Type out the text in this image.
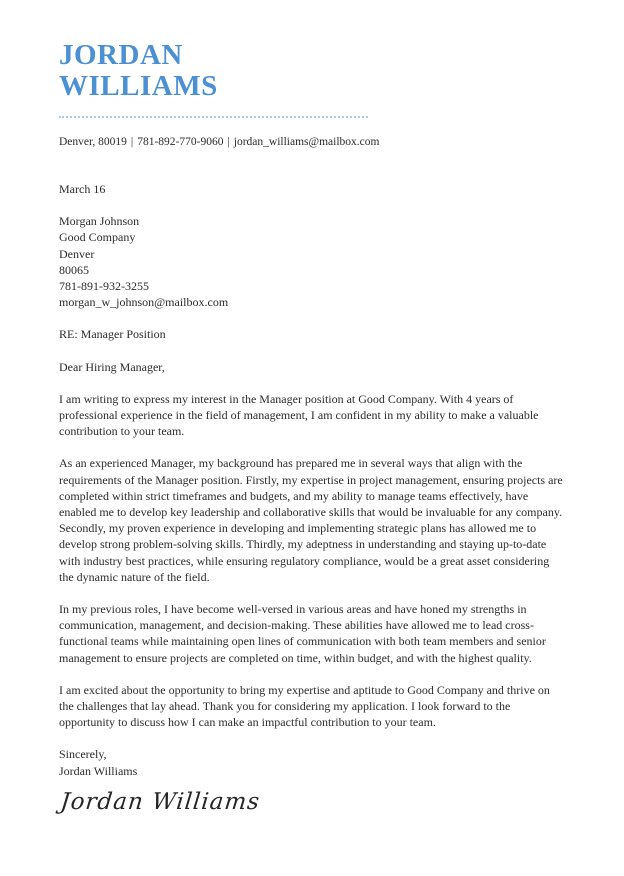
JORDAN
WILLIAMS
Denver, 80019 | 781-892-770-9060 | jordan_williams@mailbox.com
March 16
Morgan Johnson
Good Company
Denver
80065
781-891-932-3255
morgan_w_johnson@mailbox.com
RE: Manager Position
Dear Hiring Manager,

I am writing to express my interest in the Manager position at Good Company. With 4 years of professional experience in the field of management, I am confident in my ability to make a valuable contribution to your team.

As an experienced Manager, my background has prepared me in several ways that align with the requirements of the Manager position. Firstly, my expertise in project management, ensuring projects are completed within strict timeframes and budgets, and my ability to manage teams effectively, have enabled me to develop key leadership and collaborative skills that would be invaluable for any company. Secondly, my proven experience in developing and implementing strategic plans has allowed me to develop strong problem-solving skills. Thirdly, my adeptness in understanding and staying up-to-date with industry best practices, while ensuring regulatory compliance, would be a great asset considering the dynamic nature of the field.

In my previous roles, I have become well-versed in various areas and have honed my strengths in communication, management, and decision-making. These abilities have allowed me to lead cross-functional teams while maintaining open lines of communication with both team members and senior management to ensure projects are completed on time, within budget, and with the highest quality.

I am excited about the opportunity to bring my expertise and aptitude to Good Company and thrive on the challenges that lay ahead. Thank you for considering my application. I look forward to the opportunity to discuss how I can make an impactful contribution to your team.

Sincerely,
Jordan Williams
Jordan Williams
